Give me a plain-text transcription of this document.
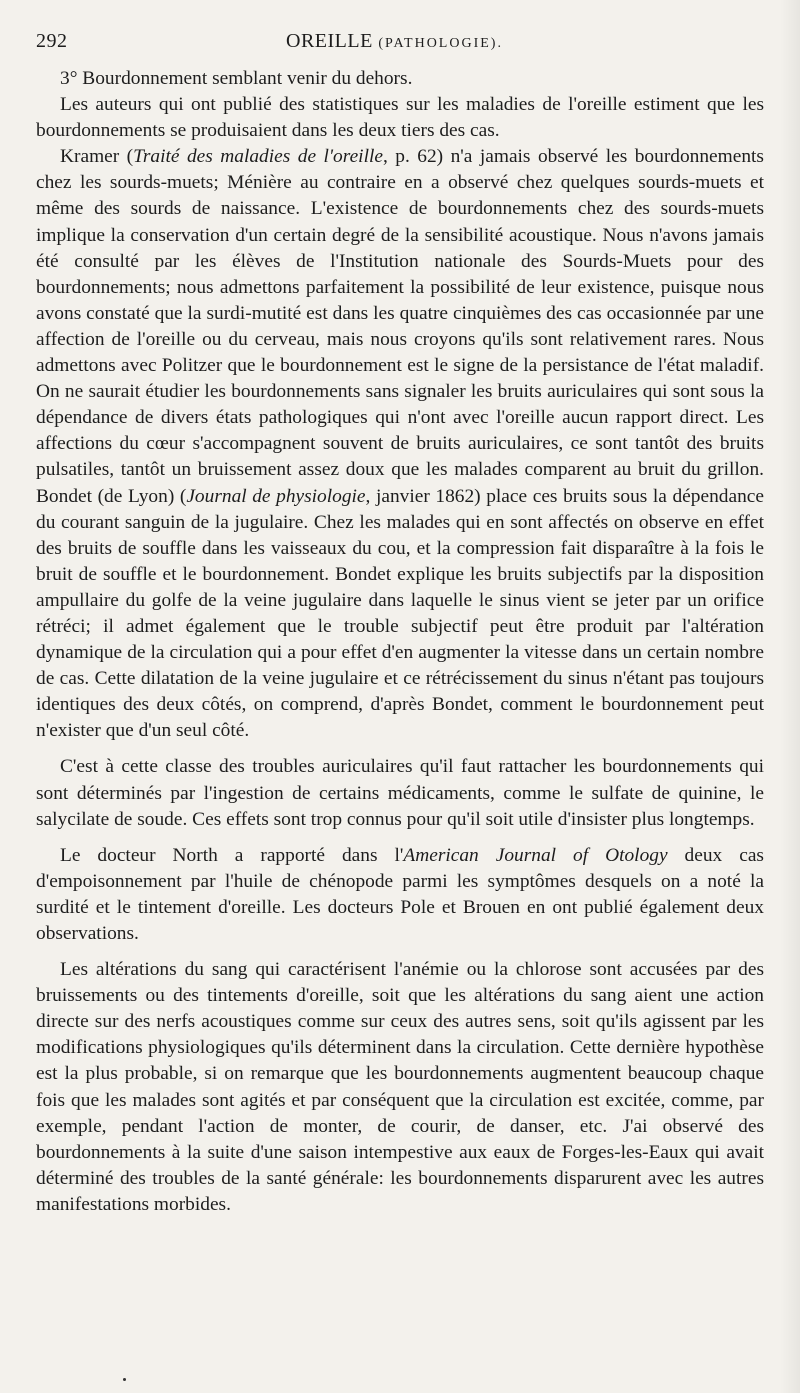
292	OREILLE (PATHOLOGIE).

3° Bourdonnement semblant venir du dehors.

Les auteurs qui ont publié des statistiques sur les maladies de l'oreille estiment que les bourdonnements se produisaient dans les deux tiers des cas.

Kramer (Traité des maladies de l'oreille, p. 62) n'a jamais observé les bourdonnements chez les sourds-muets; Ménière au contraire en a observé chez quelques sourds-muets et même des sourds de naissance. L'existence de bourdonnements chez des sourds-muets implique la conservation d'un certain degré de la sensibilité acoustique. Nous n'avons jamais été consulté par les élèves de l'Institution nationale des Sourds-Muets pour des bourdonnements; nous admettons parfaitement la possibilité de leur existence, puisque nous avons constaté que la surdi-mutité est dans les quatre cinquièmes des cas occasionnée par une affection de l'oreille ou du cerveau, mais nous croyons qu'ils sont relativement rares. Nous admettons avec Politzer que le bourdonnement est le signe de la persistance de l'état maladif. On ne saurait étudier les bourdonnements sans signaler les bruits auriculaires qui sont sous la dépendance de divers états pathologiques qui n'ont avec l'oreille aucun rapport direct. Les affections du cœur s'accompagnent souvent de bruits auriculaires, ce sont tantôt des bruits pulsatiles, tantôt un bruissement assez doux que les malades comparent au bruit du grillon. Bondet (de Lyon) (Journal de physiologie, janvier 1862) place ces bruits sous la dépendance du courant sanguin de la jugulaire. Chez les malades qui en sont affectés on observe en effet des bruits de souffle dans les vaisseaux du cou, et la compression fait disparaître à la fois le bruit de souffle et le bourdonnement. Bondet explique les bruits subjectifs par la disposition ampullaire du golfe de la veine jugulaire dans laquelle le sinus vient se jeter par un orifice rétréci; il admet également que le trouble subjectif peut être produit par l'altération dynamique de la circulation qui a pour effet d'en augmenter la vitesse dans un certain nombre de cas. Cette dilatation de la veine jugulaire et ce rétrécissement du sinus n'étant pas toujours identiques des deux côtés, on comprend, d'après Bondet, comment le bourdonnement peut n'exister que d'un seul côté.

C'est à cette classe des troubles auriculaires qu'il faut rattacher les bourdonnements qui sont déterminés par l'ingestion de certains médicaments, comme le sulfate de quinine, le salycilate de soude. Ces effets sont trop connus pour qu'il soit utile d'insister plus longtemps.

Le docteur North a rapporté dans l'American Journal of Otology deux cas d'empoisonnement par l'huile de chénopode parmi les symptômes desquels on a noté la surdité et le tintement d'oreille. Les docteurs Pole et Brouen en ont publié également deux observations.

Les altérations du sang qui caractérisent l'anémie ou la chlorose sont accusées par des bruissements ou des tintements d'oreille, soit que les altérations du sang aient une action directe sur des nerfs acoustiques comme sur ceux des autres sens, soit qu'ils agissent par les modifications physiologiques qu'ils déterminent dans la circulation. Cette dernière hypothèse est la plus probable, si on remarque que les bourdonnements augmentent beaucoup chaque fois que les malades sont agités et par conséquent que la circulation est excitée, comme, par exemple, pendant l'action de monter, de courir, de danser, etc. J'ai observé des bourdonnements à la suite d'une saison intempestive aux eaux de Forges-les-Eaux qui avait déterminé des troubles de la santé générale: les bourdonnements disparurent avec les autres manifestations morbides.
